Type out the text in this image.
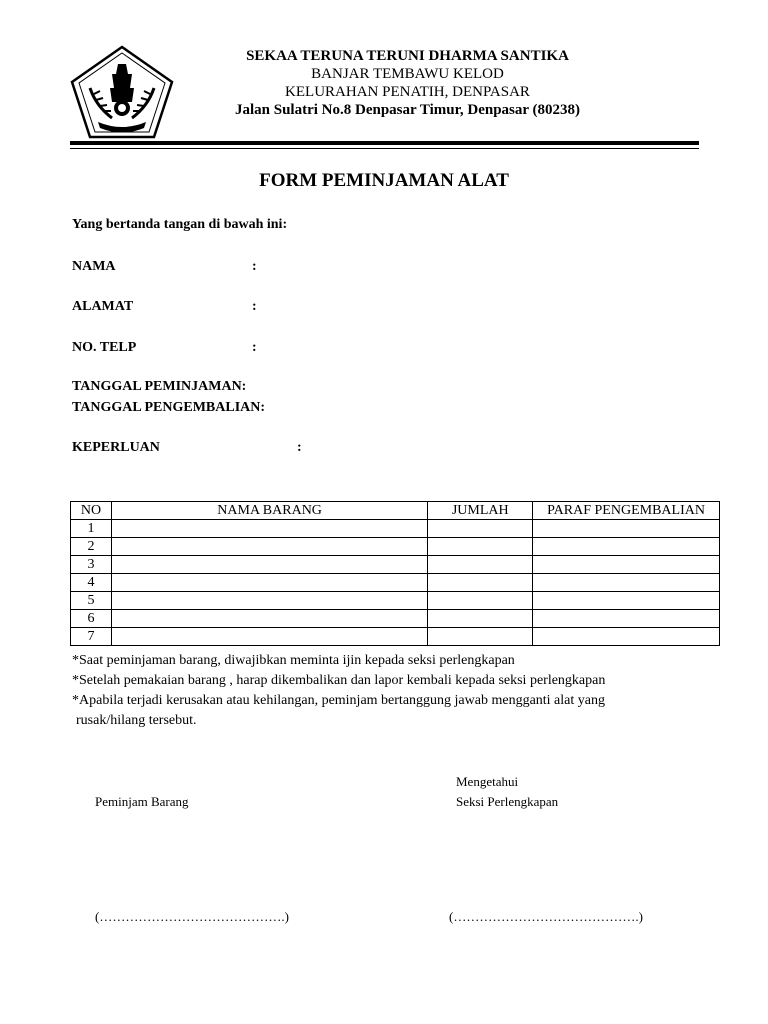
SEKAA TERUNA TERUNI DHARMA SANTIKA
BANJAR TEMBAWU KELOD
KELURAHAN PENATIH, DENPASAR
Jalan Sulatri No.8 Denpasar Timur, Denpasar (80238)
FORM PEMINJAMAN ALAT
Yang bertanda tangan di bawah ini:
NAMA	:
ALAMAT	:
NO. TELP	:
TANGGAL PEMINJAMAN:
TANGGAL PENGEMBALIAN:
KEPERLUAN	:
NO	NAMA BARANG	JUMLAH	PARAF PENGEMBALIAN
1			
2			
3			
4			
5			
6			
7			
*Saat peminjaman barang, diwajibkan meminta ijin kepada seksi perlengkapan
*Setelah pemakaian barang , harap dikembalikan dan lapor kembali kepada seksi perlengkapan
*Apabila terjadi kerusakan atau kehilangan, peminjam bertanggung jawab mengganti alat yang
rusak/hilang tersebut.
Mengetahui
Peminjam Barang	Seksi Perlengkapan
(…………………………………….)	(…………………………………….)
